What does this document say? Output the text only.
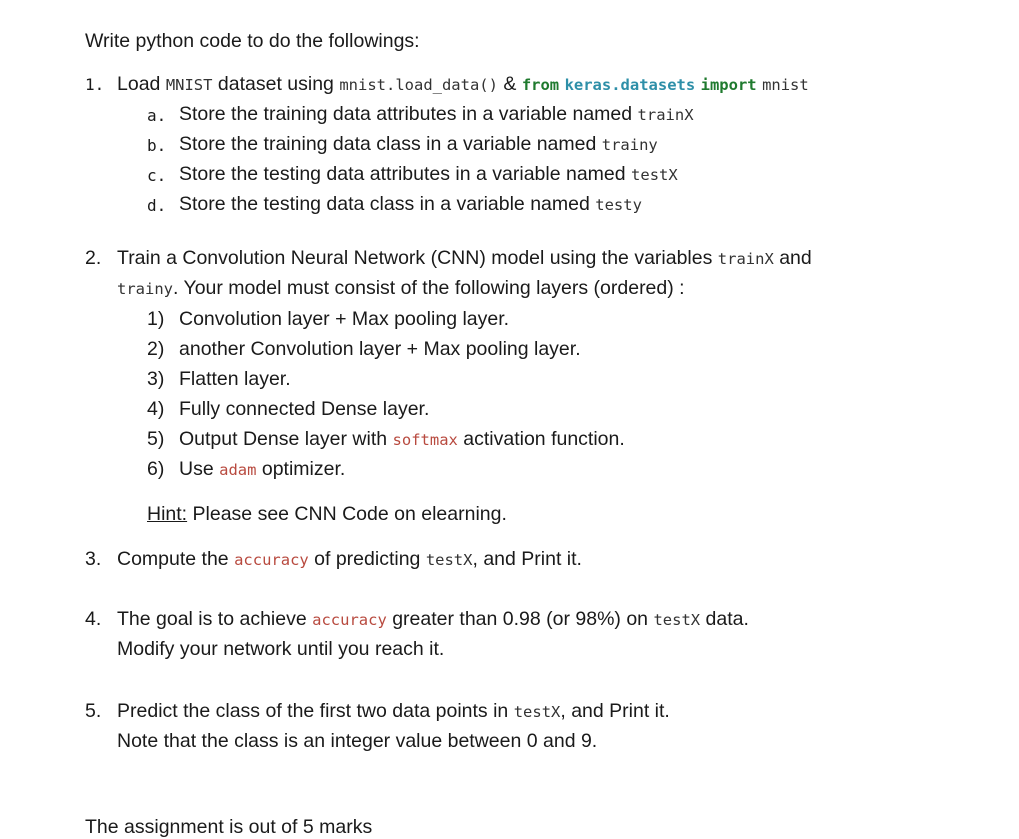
Write python code to do the followings:
1. Load MNIST dataset using mnist.load_data() & from keras.datasets import mnist
a. Store the training data attributes in a variable named trainX
b. Store the training data class in a variable named trainy
c. Store the testing data attributes in a variable named testX
d. Store the testing data class in a variable named testy
2. Train a Convolution Neural Network (CNN) model using the variables trainX and
trainy. Your model must consist of the following layers (ordered) :
1) Convolution layer + Max pooling layer.
2) another Convolution layer + Max pooling layer.
3) Flatten layer.
4) Fully connected Dense layer.
5) Output Dense layer with softmax activation function.
6) Use adam optimizer.
Hint: Please see CNN Code on elearning.
3. Compute the accuracy of predicting testX, and Print it.
4. The goal is to achieve accuracy greater than 0.98 (or 98%) on testX data.
Modify your network until you reach it.
5. Predict the class of the first two data points in testX, and Print it.
Note that the class is an integer value between 0 and 9.
The assignment is out of 5 marks
